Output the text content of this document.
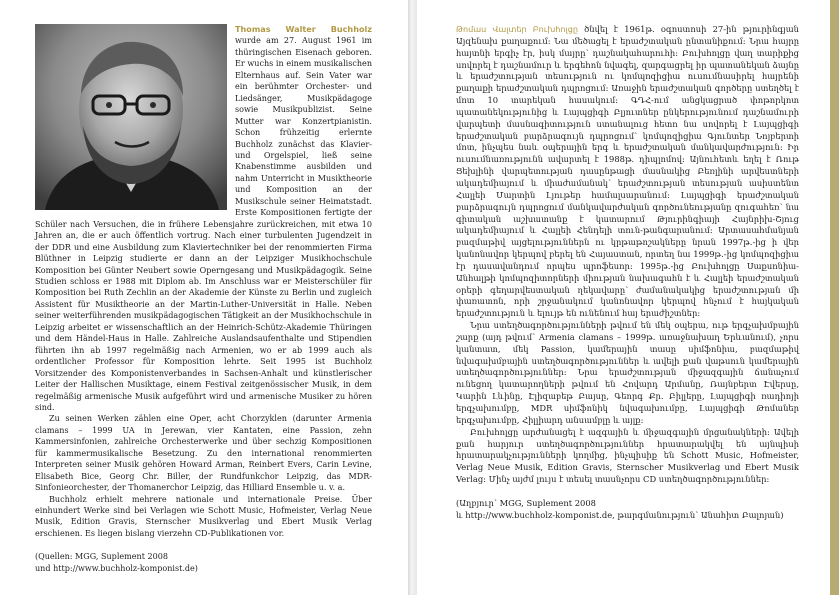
Thomas Walter Buchholz wurde am 27. August 1961 im thüringischen Eisenach geboren. Er wuchs in einem musikalischen Elternhaus auf. Sein Vater war ein berühmter Orchester- und Liedsänger, Musikpädagoge sowie Musikpublizist. Seine Mutter war Konzertpianistin. Schon frühzeitig erlernte Buchholz zunächst das Klavier- und Orgelspiel, ließ seine Knabenstimme ausbilden und nahm Unterricht in Musiktheorie und Komposition an der Musikschule seiner Heimatstadt. Erste Kompositionen fertigte der Schüler nach Versuchen, die in frühere Lebensjahre zurückreichen, mit etwa 10 Jahren an, die er auch öffentlich vortrug. Nach einer turbulenten Jugendzeit in der DDR und eine Ausbildung zum Klaviertechniker bei der renommierten Firma Blüthner in Leipzig studierte er dann an der Leipziger Musikhochschule Komposition bei Günter Neubert sowie Operngesang und Musikpädagogik. Seine Studien schloss er 1988 mit Diplom ab. Im Anschluss war er Meisterschüler für Komposition bei Ruth Zechlin an der Akademie der Künste zu Berlin und zugleich Assistent für Musiktheorie an der Martin-Luther-Universität in Halle. Neben seiner weiterführenden musikpädagogischen Tätigkeit an der Musikhochschule in Leipzig arbeitet er wissenschaftlich an der Heinrich-Schütz-Akademie Thüringen und dem Händel-Haus in Halle. Zahlreiche Auslandsaufenthalte und Stipendien führten ihn ab 1997 regelmäßig nach Armenien, wo er ab 1999 auch als ordentlicher Professor für Komposition lehrte. Seit 1995 ist Buchholz Vorsitzender des Komponistenverbandes in Sachsen-Anhalt und künstlerischer Leiter der Hallischen Musiktage, einem Festival zeitgenössischer Musik, in dem regelmäßig armenische Musik aufgeführt wird und armenische Musiker zu hören sind.

Zu seinen Werken zählen eine Oper, acht Chorzyklen (darunter Armenia clamans – 1999 UA in Jerewan, vier Kantaten, eine Passion, zehn Kammersinfonien, zahlreiche Orchesterwerke und über sechzig Kompositionen für kammermusikalische Besetzung. Zu den international renommierten Interpreten seiner Musik gehören Howard Arman, Reinbert Evers, Carin Levine, Elisabeth Bice, Georg Chr. Biller, der Rundfunkchor Leipzig, das MDR-Sinfonieorchester, der Thomanerchor Leipzig, das Hilliard Ensemble u. v. a.

Buchholz erhielt mehrere nationale und internationale Preise. Über einhundert Werke sind bei Verlagen wie Schott Music, Hofmeister, Verlag Neue Musik, Edition Gravis, Sternscher Musikverlag und Ebert Musik Verlag erschienen. Es liegen bislang vierzehn CD-Publikationen vor.

(Quellen: MGG, Suplement 2008

und http://www.buchholz-komponist.de)

Թոմաս Վալտեր Բուխհոլցը ծնվել է 1961թ. օգոստոսի 27-ին թյուրինգյան Այզենախ քաղաքում: Նա մեծացել է երաժշտական ընտանիքում: Նրա հայրը հայտնի երգիչ էր, իսկ մայրը՝ դաշնակահարուհի: Բուխհոլցը վաղ տարիքից սովորել է դաշնամուր և երգեհոն նվագել, զարգացրել իր պատանեկան ձայնը և երաժշտության տեսություն ու կոմպոզիցիա ուսումնասիրել հայրենի քաղաքի երաժշտական դպրոցում: Առաջին երաժշտական գործերը ստեղծել է մոտ 10 տարեկան հասակում: ԳԴՀ-ում անցկացրած փոթորկոտ պատանեկությունից և Լայպցիգի Բլյուտներ ընկերությունում դաշնամուրի վարպետի մասնագիտություն ստանալուց հետո նա սովորել է Լայպցիգի երաժշտական բարձրագույն դպրոցում՝ կոմպոզիցիա Գյունտեր Նոյբերտի մոտ, ինչպես նաև օպերային երգ և երաժշտական մանկավարժություն: Իր ուսումնառությունն ավարտել է 1988թ. դիպլոմով: Այնուհետև եղել է Ռութ Ցեխլինի վարպետության դասընթացի մասնակից Բեռլինի արվեստների ակադեմիայում և միաժամանակ՝ երաժշտության տեսության ասիստենտ Հալլեի Մարտին Լյութեր համալսարանում: Լայպցիգի երաժշտական բարձրագույն դպրոցում մանկավարժական գործունեությանը զուգահեռ՝ նա գիտական աշխատանք է կատարում Թյուրինգիայի Հայնրիխ-Շյուց ակադեմիայում և Հալլեի Հենդելի տուն-թանգարանում: Արտասահմանյան բազմաթիվ այցելություններն ու կրթաթոշակները նրան 1997թ.-ից ի վեր կանոնավոր կերպով բերել են Հայաստան, որտեղ նա 1999թ.-ից կոմպոզիցիա էր դասավանդում որպես պրոֆեսոր: 1995թ.-ից Բուխհոլցը Սաքսոնիա-Անհալթի կոմպոզիտորների միության նախագահն է և Հալլեի երաժշտական օրերի գեղարվեստական ղեկավարը՝ ժամանակակից երաժշտության մի փառատոն, որի շրջանակում կանոնավոր կերպով հնչում է հայկական երաժշտություն և ելույթ են ունենում հայ երաժիշտներ:

Նրա ստեղծագործությունների թվում են մեկ օպերա, ութ երգչախմբային շարք (այդ թվում՝ Armenia clamans – 1999թ. առաջնախաղ Երևանում), չորս կանտատ, մեկ Passion, կամերային տասը սիմֆոնիա, բազմաթիվ նվագախմբային ստեղծագործություններ և ավելի քան վաթսուն կամերային ստեղծագործություններ: Նրա երաժշտության միջազգային ճանաչում ունեցող կատարողների թվում են Հովարդ Արմանը, Ռայնբերտ Էվերսը, Կարին Լևինը, Էլիզաբեթ Բայսը, Գեորգ Քր. Բիլլերը, Լայպցիգի ռադիոյի երգչախումբը, MDR սիմֆոնիկ նվագախումբը, Լայպցիգի Թոմաներ երգչախումբը, Հիլլիարդ անսամբլը և այլք:

Բուխհոլցը արժանացել է ազգային և միջազգային մրցանակների: Ավելի քան հարյուր ստեղծագործություններ հրատարակվել են այնպիսի հրատարակչությունների կողմից, ինչպիսիք են Schott Music, Hofmeister, Verlag Neue Musik, Edition Gravis, Sternscher Musikverlag und Ebert Musik Verlag: Մինչ այժմ լույս է տեսել տասնչորս CD ստեղծագործություններ:

(Աղբյուր՝ MGG, Suplement 2008

և http://www.buchholz-komponist.de, թարգմանություն՝ Անահիտ Բալոյան)
